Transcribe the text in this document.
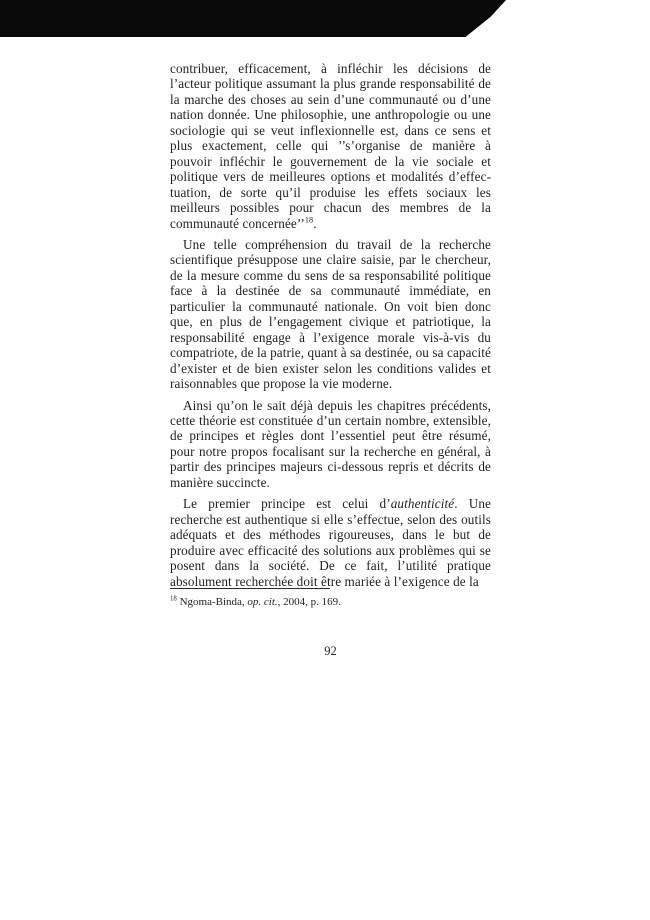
contribuer, efficacement, à infléchir les décisions de l’acteur politique assumant la plus grande responsabilité de la marche des choses au sein d’une communauté ou d’une nation donnée. Une philosophie, une anthropologie ou une sociologie qui se veut inflexionnelle est, dans ce sens et plus exactement, celle qui ’’s’organise de manière à pouvoir infléchir le gouvernement de la vie sociale et politique vers de meilleures options et modalités d’effectuation, de sorte qu’il produise les effets sociaux les meilleurs possibles pour chacun des membres de la communauté concernée’’$^{18}$.

Une telle compréhension du travail de la recherche scientifique présuppose une claire saisie, par le chercheur, de la mesure comme du sens de sa responsabilité politique face à la destinée de sa communauté immédiate, en particulier la communauté nationale. On voit bien donc que, en plus de l’engagement civique et patriotique, la responsabilité engage à l’exigence morale vis-à-vis du compatriote, de la patrie, quant à sa destinée, ou sa capacité d’exister et de bien exister selon les conditions valides et raisonnables que propose la vie moderne.

Ainsi qu’on le sait déjà depuis les chapitres précédents, cette théorie est constituée d’un certain nombre, extensible, de principes et règles dont l’essentiel peut être résumé, pour notre propos focalisant sur la recherche en général, à partir des principes majeurs ci-dessous repris et décrits de manière succincte.

Le premier principe est celui d’authenticité. Une recherche est authentique si elle s’effectue, selon des outils adéquats et des méthodes rigoureuses, dans le but de produire avec efficacité des solutions aux problèmes qui se posent dans la société. De ce fait, l’utilité pratique absolument recherchée doit être mariée à l’exigence de la

$^{18}$ Ngoma-Binda, op. cit., 2004, p. 169.

92
